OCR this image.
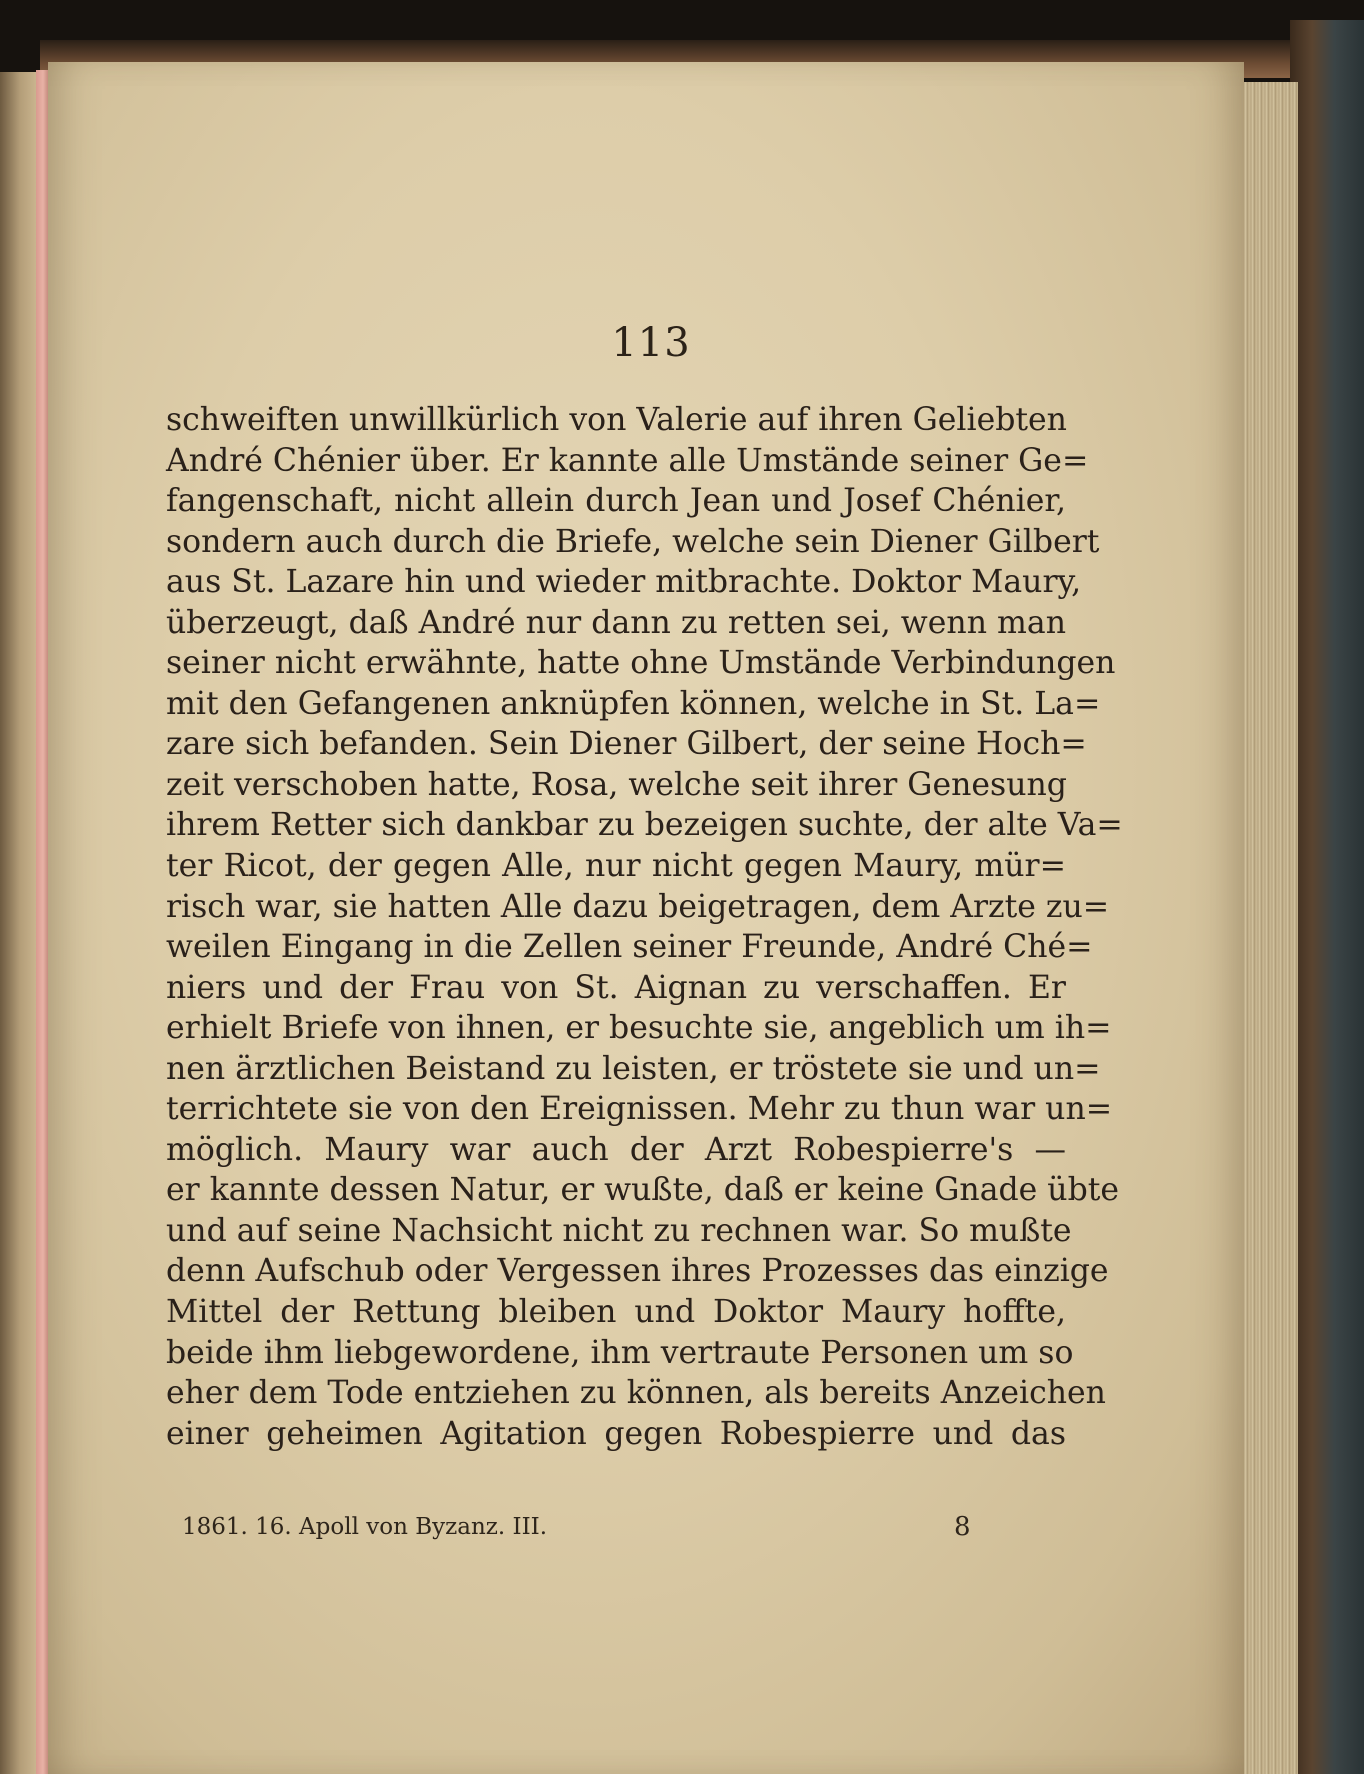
113
schweiften unwillkürlich von Valerie auf ihren Geliebten
André Chénier über. Er kannte alle Umstände seiner Ge=
fangenschaft, nicht allein durch Jean und Josef Chénier,
sondern auch durch die Briefe, welche sein Diener Gilbert
aus St. Lazare hin und wieder mitbrachte. Doktor Maury,
überzeugt, daß André nur dann zu retten sei, wenn man
seiner nicht erwähnte, hatte ohne Umstände Verbindungen
mit den Gefangenen anknüpfen können, welche in St. La=
zare sich befanden. Sein Diener Gilbert, der seine Hoch=
zeit verschoben hatte, Rosa, welche seit ihrer Genesung
ihrem Retter sich dankbar zu bezeigen suchte, der alte Va=
ter Ricot, der gegen Alle, nur nicht gegen Maury, mür=
risch war, sie hatten Alle dazu beigetragen, dem Arzte zu=
weilen Eingang in die Zellen seiner Freunde, André Ché=
niers und der Frau von St. Aignan zu verschaffen. Er
erhielt Briefe von ihnen, er besuchte sie, angeblich um ih=
nen ärztlichen Beistand zu leisten, er tröstete sie und un=
terrichtete sie von den Ereignissen. Mehr zu thun war un=
möglich. Maury war auch der Arzt Robespierre's —
er kannte dessen Natur, er wußte, daß er keine Gnade übte
und auf seine Nachsicht nicht zu rechnen war. So mußte
denn Aufschub oder Vergessen ihres Prozesses das einzige
Mittel der Rettung bleiben und Doktor Maury hoffte,
beide ihm liebgewordene, ihm vertraute Personen um so
eher dem Tode entziehen zu können, als bereits Anzeichen
einer geheimen Agitation gegen Robespierre und das
1861. 16. Apoll von Byzanz. III.	8
